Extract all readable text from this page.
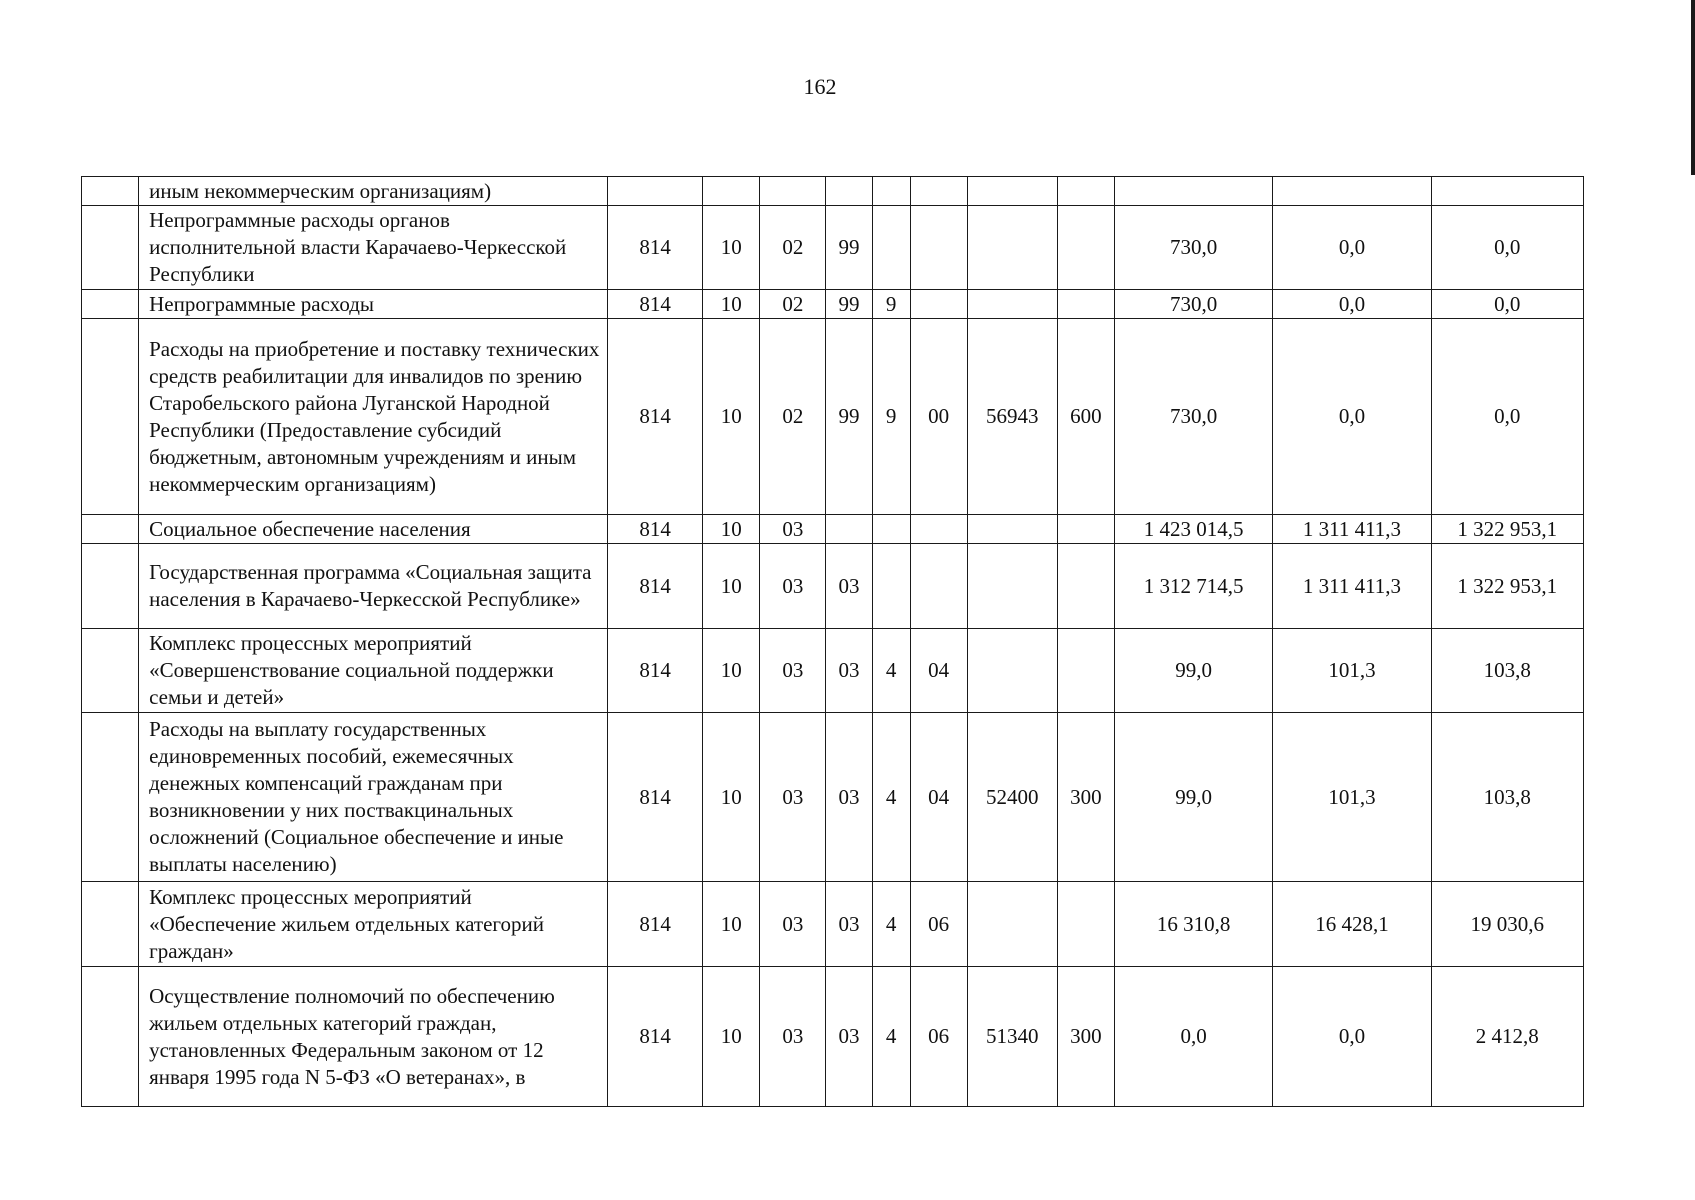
162
	иным некоммерческим организациям)											
	Непрограммные расходы органов исполнительной власти Карачаево-Черкесской Республики	814	10	02	99					730,0	0,0	0,0
	Непрограммные расходы	814	10	02	99	9				730,0	0,0	0,0
	Расходы на приобретение и поставку технических средств реабилитации для инвалидов по зрению Старобельского района Луганской Народной Республики (Предоставление субсидий бюджетным, автономным учреждениям и иным некоммерческим организациям)	814	10	02	99	9	00	56943	600	730,0	0,0	0,0
	Социальное обеспечение населения	814	10	03						1 423 014,5	1 311 411,3	1 322 953,1
	Государственная программа «Социальная защита населения в Карачаево-Черкесской Республике»	814	10	03	03					1 312 714,5	1 311 411,3	1 322 953,1
	Комплекс процессных мероприятий «Совершенствование социальной поддержки семьи и детей»	814	10	03	03	4	04			99,0	101,3	103,8
	Расходы на выплату государственных единовременных пособий, ежемесячных денежных компенсаций гражданам при возникновении у них поствакцинальных осложнений (Социальное обеспечение и иные выплаты населению)	814	10	03	03	4	04	52400	300	99,0	101,3	103,8
	Комплекс процессных мероприятий «Обеспечение жильем отдельных категорий граждан»	814	10	03	03	4	06			16 310,8	16 428,1	19 030,6
	Осуществление полномочий по обеспечению жильем отдельных категорий граждан, установленных Федеральным законом от 12 января 1995 года N 5-ФЗ «О ветеранах», в	814	10	03	03	4	06	51340	300	0,0	0,0	2 412,8
